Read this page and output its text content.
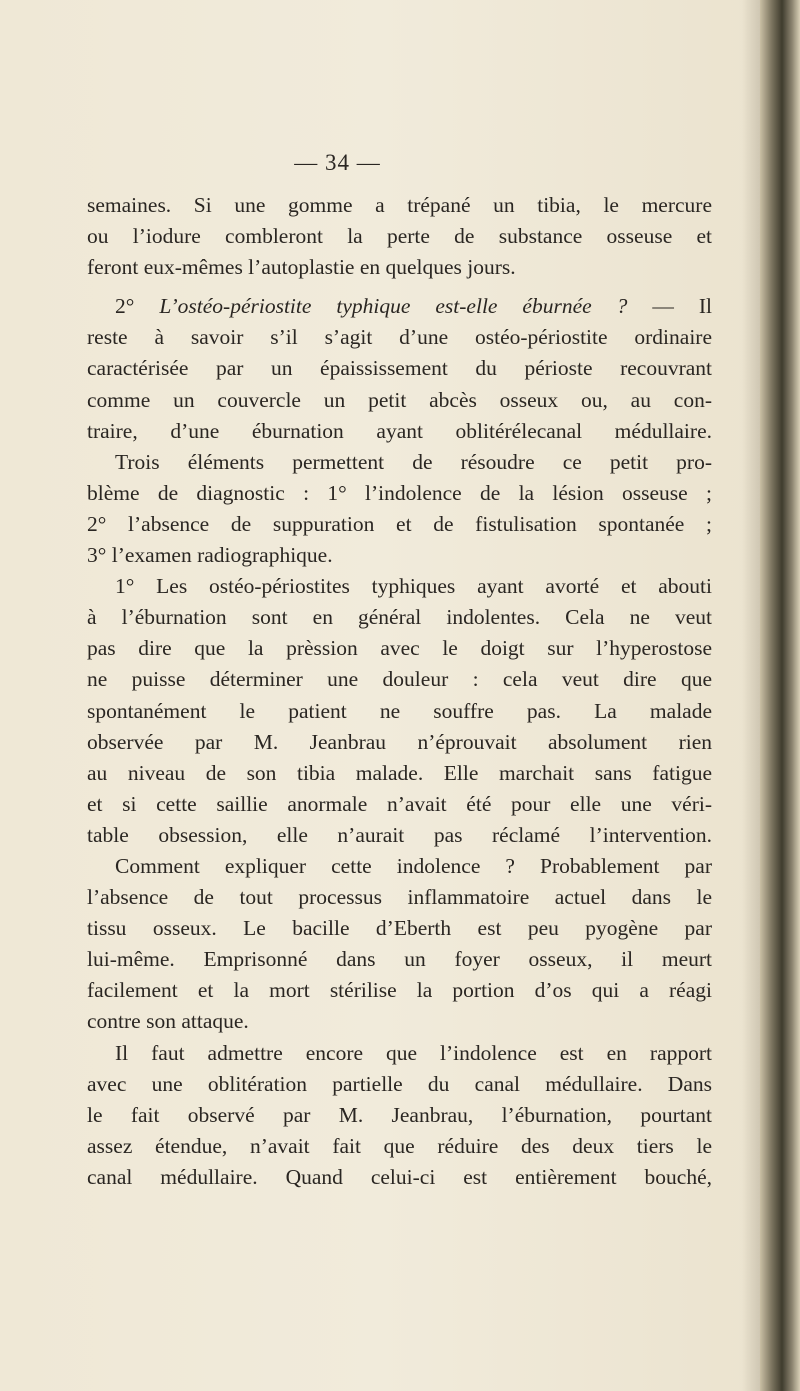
— 34 —
semaines. Si une gomme a trépané un tibia, le mercure
ou l’iodure combleront la perte de substance osseuse et
feront eux-mêmes l’autoplastie en quelques jours.
2° L’ostéo-périostite typhique est-elle éburnée ? — Il
reste à savoir s’il s’agit d’une ostéo-périostite ordinaire
caractérisée par un épaississement du périoste recouvrant
comme un couvercle un petit abcès osseux ou, au con-
traire, d’une éburnation ayant oblitérélecanal médullaire.
Trois éléments permettent de résoudre ce petit pro-
blème de diagnostic : 1° l’indolence de la lésion osseuse ;
2° l’absence de suppuration et de fistulisation spontanée ;
3° l’examen radiographique.
1° Les ostéo-périostites typhiques ayant avorté et abouti
à l’éburnation sont en général indolentes. Cela ne veut
pas dire que la prèssion avec le doigt sur l’hyperostose
ne puisse déterminer une douleur : cela veut dire que
spontanément le patient ne souffre pas. La malade
observée par M. Jeanbrau n’éprouvait absolument rien
au niveau de son tibia malade. Elle marchait sans fatigue
et si cette saillie anormale n’avait été pour elle une véri-
table obsession, elle n’aurait pas réclamé l’intervention.
Comment expliquer cette indolence ? Probablement par
l’absence de tout processus inflammatoire actuel dans le
tissu osseux. Le bacille d’Eberth est peu pyogène par
lui-même. Emprisonné dans un foyer osseux, il meurt
facilement et la mort stérilise la portion d’os qui a réagi
contre son attaque.
Il faut admettre encore que l’indolence est en rapport
avec une oblitération partielle du canal médullaire. Dans
le fait observé par M. Jeanbrau, l’éburnation, pourtant
assez étendue, n’avait fait que réduire des deux tiers le
canal médullaire. Quand celui-ci est entièrement bouché,
